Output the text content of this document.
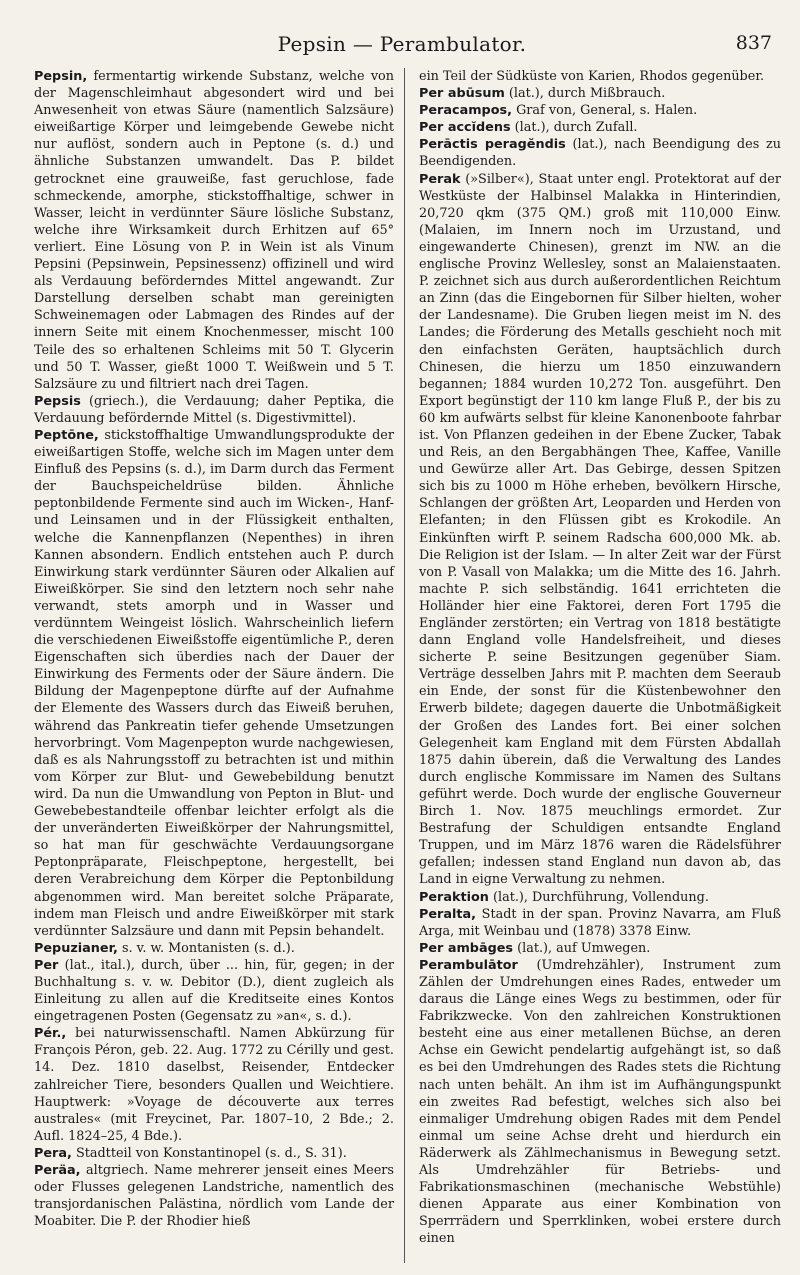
Pepsin — Perambulator.	837

Pepsin, fermentartig wirkende Substanz, welche von der Magenschleimhaut abgesondert wird und bei Anwesenheit von etwas Säure (namentlich Salzsäure) eiweißartige Körper und leimgebende Gewebe nicht nur auflöst, sondern auch in Peptone (s. d.) und ähnliche Substanzen umwandelt. Das P. bildet getrocknet eine grauweiße, fast geruchlose, fade schmeckende, amorphe, stickstoffhaltige, schwer in Wasser, leicht in verdünnter Säure lösliche Substanz, welche ihre Wirksamkeit durch Erhitzen auf 65° verliert. Eine Lösung von P. in Wein ist als Vinum Pepsini (Pepsinwein, Pepsinessenz) offizinell und wird als Verdauung beförderndes Mittel angewandt. Zur Darstellung derselben schabt man gereinigten Schweinemagen oder Labmagen des Rindes auf der innern Seite mit einem Knochenmesser, mischt 100 Teile des so erhaltenen Schleims mit 50 T. Glycerin und 50 T. Wasser, gießt 1000 T. Weißwein und 5 T. Salzsäure zu und filtriert nach drei Tagen.

Pepsis (griech.), die Verdauung; daher Peptika, die Verdauung befördernde Mittel (s. Digestivmittel).

Peptōne, stickstoffhaltige Umwandlungsprodukte der eiweißartigen Stoffe, welche sich im Magen unter dem Einfluß des Pepsins (s. d.), im Darm durch das Ferment der Bauchspeicheldrüse bilden. Ähnliche peptonbildende Fermente sind auch im Wicken-, Hanf- und Leinsamen und in der Flüssigkeit enthalten, welche die Kannenpflanzen (Nepenthes) in ihren Kannen absondern. Endlich entstehen auch P. durch Einwirkung stark verdünnter Säuren oder Alkalien auf Eiweißkörper. Sie sind den letztern noch sehr nahe verwandt, stets amorph und in Wasser und verdünntem Weingeist löslich. Wahrscheinlich liefern die verschiedenen Eiweißstoffe eigentümliche P., deren Eigenschaften sich überdies nach der Dauer der Einwirkung des Ferments oder der Säure ändern. Die Bildung der Magenpeptone dürfte auf der Aufnahme der Elemente des Wassers durch das Eiweiß beruhen, während das Pankreatin tiefer gehende Umsetzungen hervorbringt. Vom Magenpepton wurde nachgewiesen, daß es als Nahrungsstoff zu betrachten ist und mithin vom Körper zur Blut- und Gewebebildung benutzt wird. Da nun die Umwandlung von Pepton in Blut- und Gewebebestandteile offenbar leichter erfolgt als die der unveränderten Eiweißkörper der Nahrungsmittel, so hat man für geschwächte Verdauungsorgane Peptonpräparate, Fleischpeptone, hergestellt, bei deren Verabreichung dem Körper die Peptonbildung abgenommen wird. Man bereitet solche Präparate, indem man Fleisch und andre Eiweißkörper mit stark verdünnter Salzsäure und dann mit Pepsin behandelt.

Pepuzianer, s. v. w. Montanisten (s. d.).

Per (lat., ital.), durch, über ... hin, für, gegen; in der Buchhaltung s. v. w. Debitor (D.), dient zugleich als Einleitung zu allen auf die Kreditseite eines Kontos eingetragenen Posten (Gegensatz zu »an«, s. d.).

Pér., bei naturwissenschaftl. Namen Abkürzung für François Péron, geb. 22. Aug. 1772 zu Cérilly und gest. 14. Dez. 1810 daselbst, Reisender, Entdecker zahlreicher Tiere, besonders Quallen und Weichtiere. Hauptwerk: »Voyage de découverte aux terres australes« (mit Freycinet, Par. 1807–10, 2 Bde.; 2. Aufl. 1824–25, 4 Bde.).

Pera, Stadtteil von Konstantinopel (s. d., S. 31).

Peräa, altgriech. Name mehrerer jenseit eines Meers oder Flusses gelegenen Landstriche, namentlich des transjordanischen Palästina, nördlich vom Lande der Moabiter. Die P. der Rhodier hieß

ein Teil der Südküste von Karien, Rhodos gegenüber.

Per abūsum (lat.), durch Mißbrauch.

Peracampos, Graf von, General, s. Halen.

Per accĭdens (lat.), durch Zufall.

Perāctis peragĕndis (lat.), nach Beendigung des zu Beendigenden.

Perak (»Silber«), Staat unter engl. Protektorat auf der Westküste der Halbinsel Malakka in Hinterindien, 20,720 qkm (375 QM.) groß mit 110,000 Einw. (Malaien, im Innern noch im Urzustand, und eingewanderte Chinesen), grenzt im NW. an die englische Provinz Wellesley, sonst an Malaienstaaten. P. zeichnet sich aus durch außerordentlichen Reichtum an Zinn (das die Eingebornen für Silber hielten, woher der Landesname). Die Gruben liegen meist im N. des Landes; die Förderung des Metalls geschieht noch mit den einfachsten Geräten, hauptsächlich durch Chinesen, die hierzu um 1850 einzuwandern begannen; 1884 wurden 10,272 Ton. ausgeführt. Den Export begünstigt der 110 km lange Fluß P., der bis zu 60 km aufwärts selbst für kleine Kanonenboote fahrbar ist. Von Pflanzen gedeihen in der Ebene Zucker, Tabak und Reis, an den Bergabhängen Thee, Kaffee, Vanille und Gewürze aller Art. Das Gebirge, dessen Spitzen sich bis zu 1000 m Höhe erheben, bevölkern Hirsche, Schlangen der größten Art, Leoparden und Herden von Elefanten; in den Flüssen gibt es Krokodile. An Einkünften wirft P. seinem Radscha 600,000 Mk. ab. Die Religion ist der Islam. — In alter Zeit war der Fürst von P. Vasall von Malakka; um die Mitte des 16. Jahrh. machte P. sich selbständig. 1641 errichteten die Holländer hier eine Faktorei, deren Fort 1795 die Engländer zerstörten; ein Vertrag von 1818 bestätigte dann England volle Handelsfreiheit, und dieses sicherte P. seine Besitzungen gegenüber Siam. Verträge desselben Jahrs mit P. machten dem Seeraub ein Ende, der sonst für die Küstenbewohner den Erwerb bildete; dagegen dauerte die Unbotmäßigkeit der Großen des Landes fort. Bei einer solchen Gelegenheit kam England mit dem Fürsten Abdallah 1875 dahin überein, daß die Verwaltung des Landes durch englische Kommissare im Namen des Sultans geführt werde. Doch wurde der englische Gouverneur Birch 1. Nov. 1875 meuchlings ermordet. Zur Bestrafung der Schuldigen entsandte England Truppen, und im März 1876 waren die Rädelsführer gefallen; indessen stand England nun davon ab, das Land in eigne Verwaltung zu nehmen.

Peraktion (lat.), Durchführung, Vollendung.

Peralta, Stadt in der span. Provinz Navarra, am Fluß Arga, mit Weinbau und (1878) 3378 Einw.

Per ambāges (lat.), auf Umwegen.

Perambulātor (Umdrehzähler), Instrument zum Zählen der Umdrehungen eines Rades, entweder um daraus die Länge eines Wegs zu bestimmen, oder für Fabrikzwecke. Von den zahlreichen Konstruktionen besteht eine aus einer metallenen Büchse, an deren Achse ein Gewicht pendelartig aufgehängt ist, so daß es bei den Umdrehungen des Rades stets die Richtung nach unten behält. An ihm ist im Aufhängungspunkt ein zweites Rad befestigt, welches sich also bei einmaliger Umdrehung obigen Rades mit dem Pendel einmal um seine Achse dreht und hierdurch ein Räderwerk als Zählmechanismus in Bewegung setzt. Als Umdrehzähler für Betriebs- und Fabrikationsmaschinen (mechanische Webstühle) dienen Apparate aus einer Kombination von Sperrrädern und Sperrklinken, wobei erstere durch einen
